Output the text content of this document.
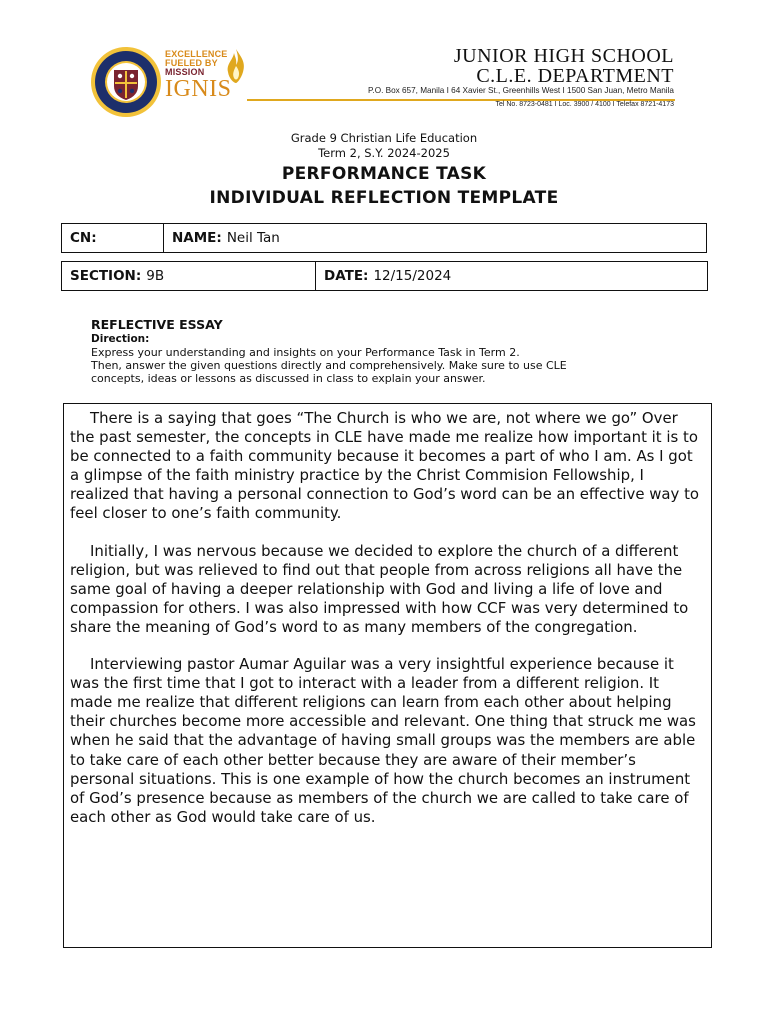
EXCELLENCE
FUELED BY
MISSION
IGNIS
JUNIOR HIGH SCHOOL
C.L.E. DEPARTMENT
P.O. Box 657, Manila I 64 Xavier St., Greenhills West I 1500 San Juan, Metro Manila
Tel No. 8723-0481 I Loc. 3900 / 4100 I Telefax 8721-4173
Grade 9 Christian Life Education
Term 2, S.Y. 2024-2025
PERFORMANCE TASK
INDIVIDUAL REFLECTION TEMPLATE
CN:	NAME: Neil Tan
SECTION: 9B	DATE: 12/15/2024
REFLECTIVE ESSAY
Direction:
Express your understanding and insights on your Performance Task in Term 2.
Then, answer the given questions directly and comprehensively. Make sure to use CLE
concepts, ideas or lessons as discussed in class to explain your answer.

There is a saying that goes “The Church is who we are, not where we go” Over the past semester, the concepts in CLE have made me realize how important it is to be connected to a faith community because it becomes a part of who I am. As I got a glimpse of the faith ministry practice by the Christ Commision Fellowship, I realized that having a personal connection to God’s word can be an effective way to feel closer to one’s faith community.

Initially, I was nervous because we decided to explore the church of a different religion, but was relieved to find out that people from across religions all have the same goal of having a deeper relationship with God and living a life of love and compassion for others. I was also impressed with how CCF was very determined to share the meaning of God’s word to as many members of the congregation.

Interviewing pastor Aumar Aguilar was a very insightful experience because it was the first time that I got to interact with a leader from a different religion. It made me realize that different religions can learn from each other about helping their churches become more accessible and relevant. One thing that struck me was when he said that the advantage of having small groups was the members are able to take care of each other better because they are aware of their member’s personal situations. This is one example of how the church becomes an instrument of God’s presence because as members of the church we are called to take care of each other as God would take care of us.
